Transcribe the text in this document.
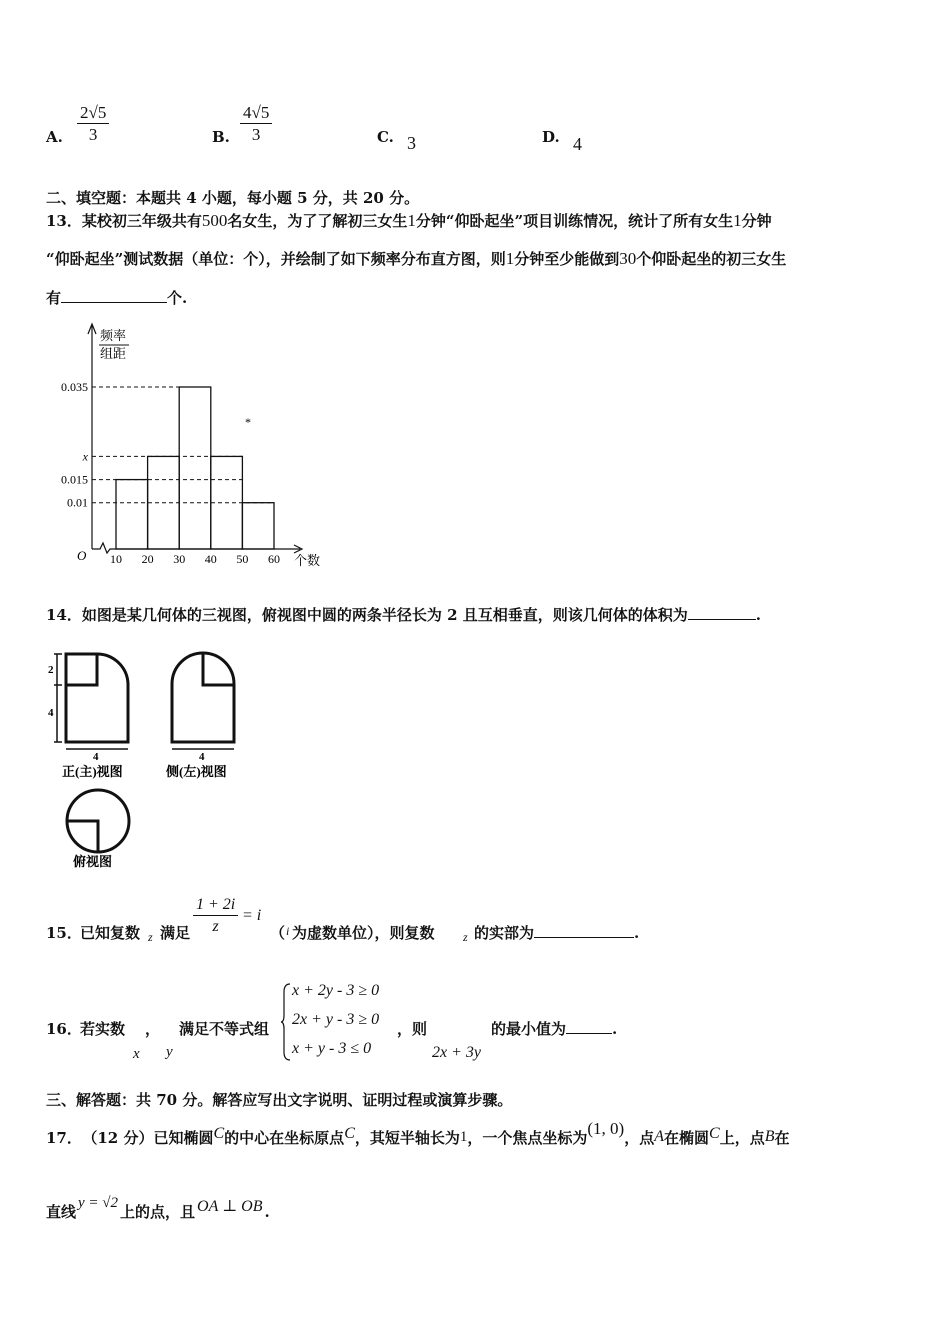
A. $\frac{2√5}{3}$	B. $\frac{4√5}{3}$	C. 3	D. 4
二、填空题：本题共 4 小题，每小题 5 分，共 20 分。
13．某校初三年级共有500名女生，为了了解初三女生1分钟“仰卧起坐”项目训练情况，统计了所有女生1分钟
“仰卧起坐”测试数据（单位：个），并绘制了如下频率分布直方图，则1分钟至少能做到30个仰卧起坐的初三女生
有	个.
0.035
x
0.015
0.01
10 20 30 40 50 60
频率
组距
O	个数
*
14．如图是某几何体的三视图，俯视图中圆的两条半径长为 2 且互相垂直，则该几何体的体积为	.
2
4
4
正(主)视图
4
侧(左)视图
俯视图
15．
已知复数 z 满足 $\frac{1 + 2i}{z} = i$
（ i 为虚数单位），则复数 z 的实部为	.
16．
若实数 ， 满足不等式组
x y
x + 2y - 3 ≥ 0
2x + y - 3 ≥ 0
x + y - 3 ≤ 0
，则
2x + 3y
的最小值为	.
三、解答题：共 70 分。解答应写出文字说明、证明过程或演算步骤。
17． （12 分）已知椭圆C的中心在坐标原点C，其短半轴长为1，一个焦点坐标为(1, 0)，点A在椭圆C上，点B在
直线 y = √2 上的点，且 OA ⊥ OB .
